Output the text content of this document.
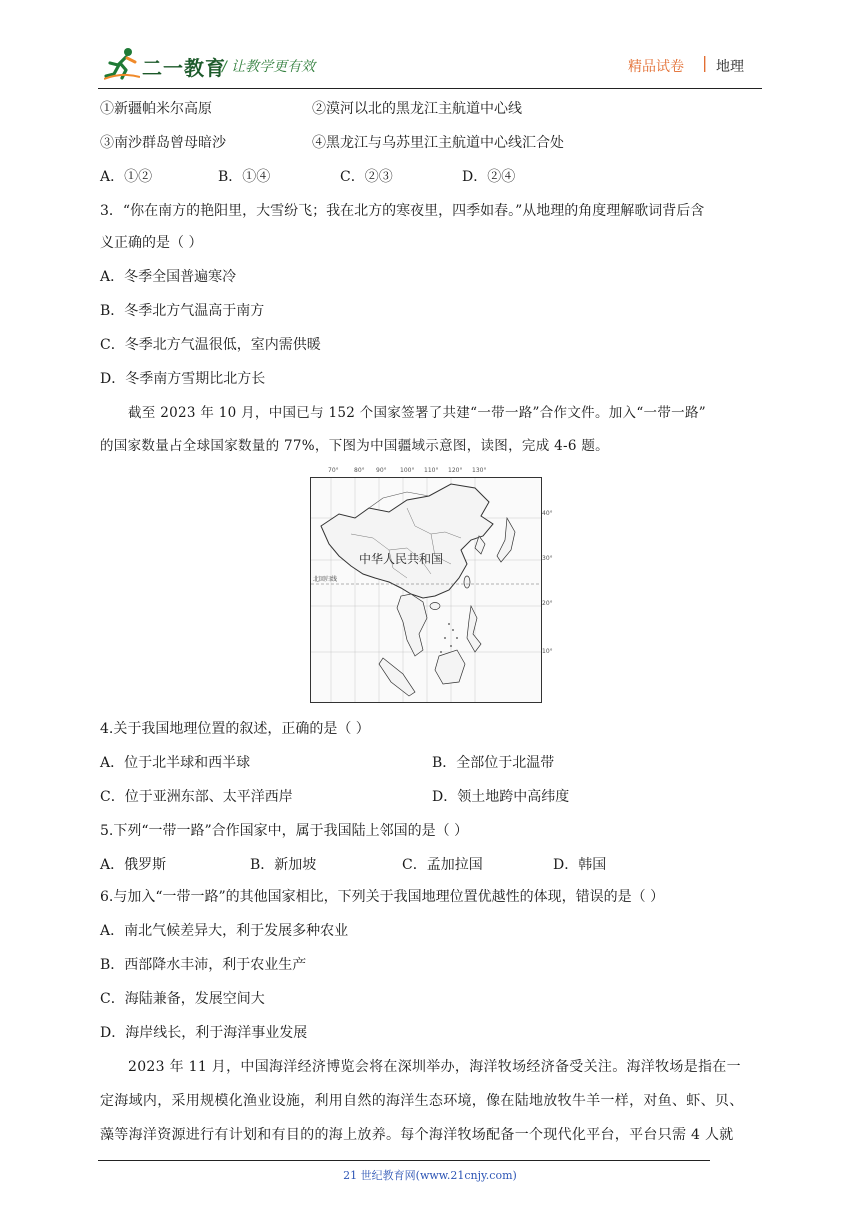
二一教育
/ 让教学更有效	精品试卷 | 地理
①新疆帕米尔高原	②漠河以北的黑龙江主航道中心线
③南沙群岛曾母暗沙	④黑龙江与乌苏里江主航道中心线汇合处
A．①②	B．①④	C．②③	D．②④
3．“你在南方的艳阳里，大雪纷飞；我在北方的寒夜里，四季如春。”从地理的角度理解歌词背后含
义正确的是（ ）
A．冬季全国普遍寒冷
B．冬季北方气温高于南方
C．冬季北方气温很低，室内需供暖
D．冬季南方雪期比北方长
截至 2023 年 10 月，中国已与 152 个国家签署了共建“一带一路”合作文件。加入“一带一路”
的国家数量占全球国家数量的 77%，下图为中国疆域示意图，读图，完成 4-6 题。
70°	80° 90° 100° 110° 120° 130°
中华人民共和国
北回归线
40°
30°
20°
10°
4.关于我国地理位置的叙述，正确的是（ ）
A．位于北半球和西半球	B．全部位于北温带
C．位于亚洲东部、太平洋西岸	D．领土地跨中高纬度
5.下列“一带一路”合作国家中，属于我国陆上邻国的是（ ）
A．俄罗斯	B．新加坡	C．孟加拉国	D．韩国
6.与加入“一带一路”的其他国家相比，下列关于我国地理位置优越性的体现，错误的是（ ）
A．南北气候差异大，利于发展多种农业
B．西部降水丰沛，利于农业生产
C．海陆兼备，发展空间大
D．海岸线长，利于海洋事业发展
2023 年 11 月，中国海洋经济博览会将在深圳举办，海洋牧场经济备受关注。海洋牧场是指在一
定海域内，采用规模化渔业设施，利用自然的海洋生态环境，像在陆地放牧牛羊一样，对鱼、虾、贝、
藻等海洋资源进行有计划和有目的的海上放养。每个海洋牧场配备一个现代化平台，平台只需 4 人就
21 世纪教育网(www.21cnjy.com)
